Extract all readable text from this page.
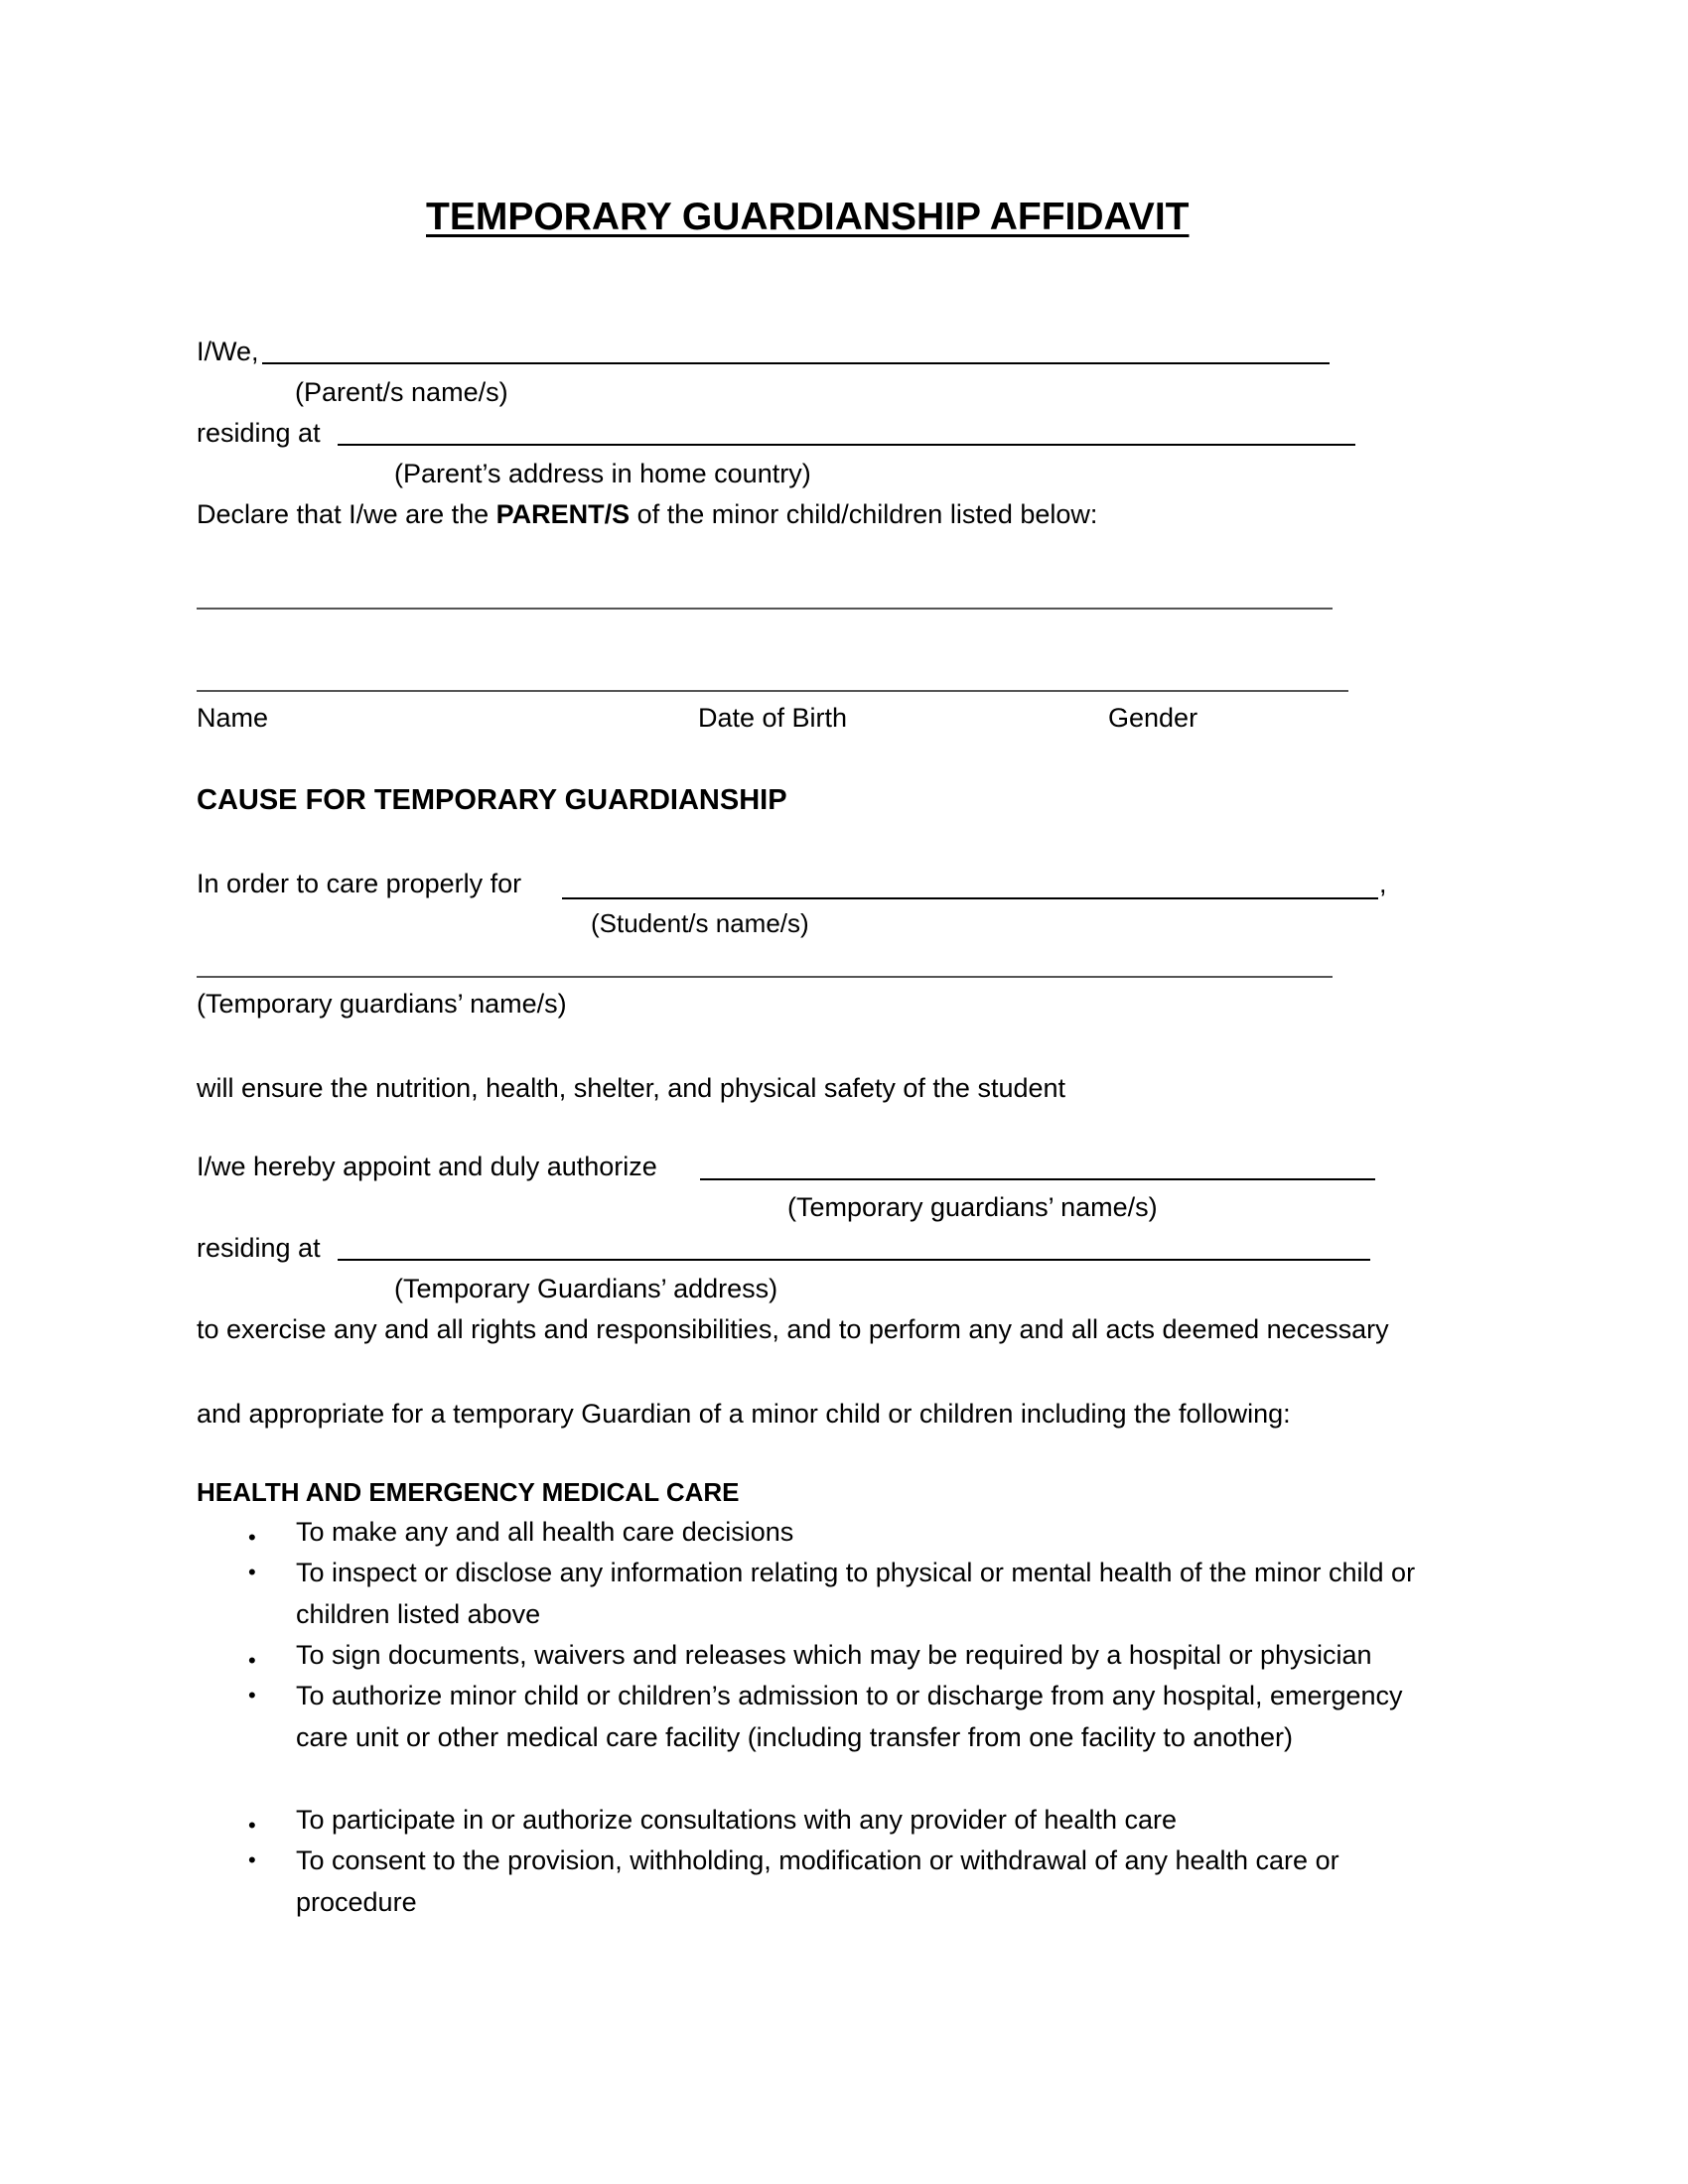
TEMPORARY GUARDIANSHIP AFFIDAVIT
I/We,
(Parent/s name/s)
residing at
(Parent’s address in home country)
Declare that I/we are the PARENT/S of the minor child/children listed below:
Name	Date of Birth	Gender
CAUSE FOR TEMPORARY GUARDIANSHIP
In order to care properly for	,
(Student/s name/s)
(Temporary guardians’ name/s)
will ensure the nutrition, health, shelter, and physical safety of the student
I/we hereby appoint and duly authorize
(Temporary guardians’ name/s)
residing at
(Temporary Guardians’ address)
to exercise any and all rights and responsibilities, and to perform any and all acts deemed necessary
and appropriate for a temporary Guardian of a minor child or children including the following:
HEALTH AND EMERGENCY MEDICAL CARE
• To make any and all health care decisions
• To inspect or disclose any information relating to physical or mental health of the minor child or children listed above
• To sign documents, waivers and releases which may be required by a hospital or physician
• To authorize minor child or children’s admission to or discharge from any hospital, emergency care unit or other medical care facility (including transfer from one facility to another)
• To participate in or authorize consultations with any provider of health care
• To consent to the provision, withholding, modification or withdrawal of any health care or procedure
